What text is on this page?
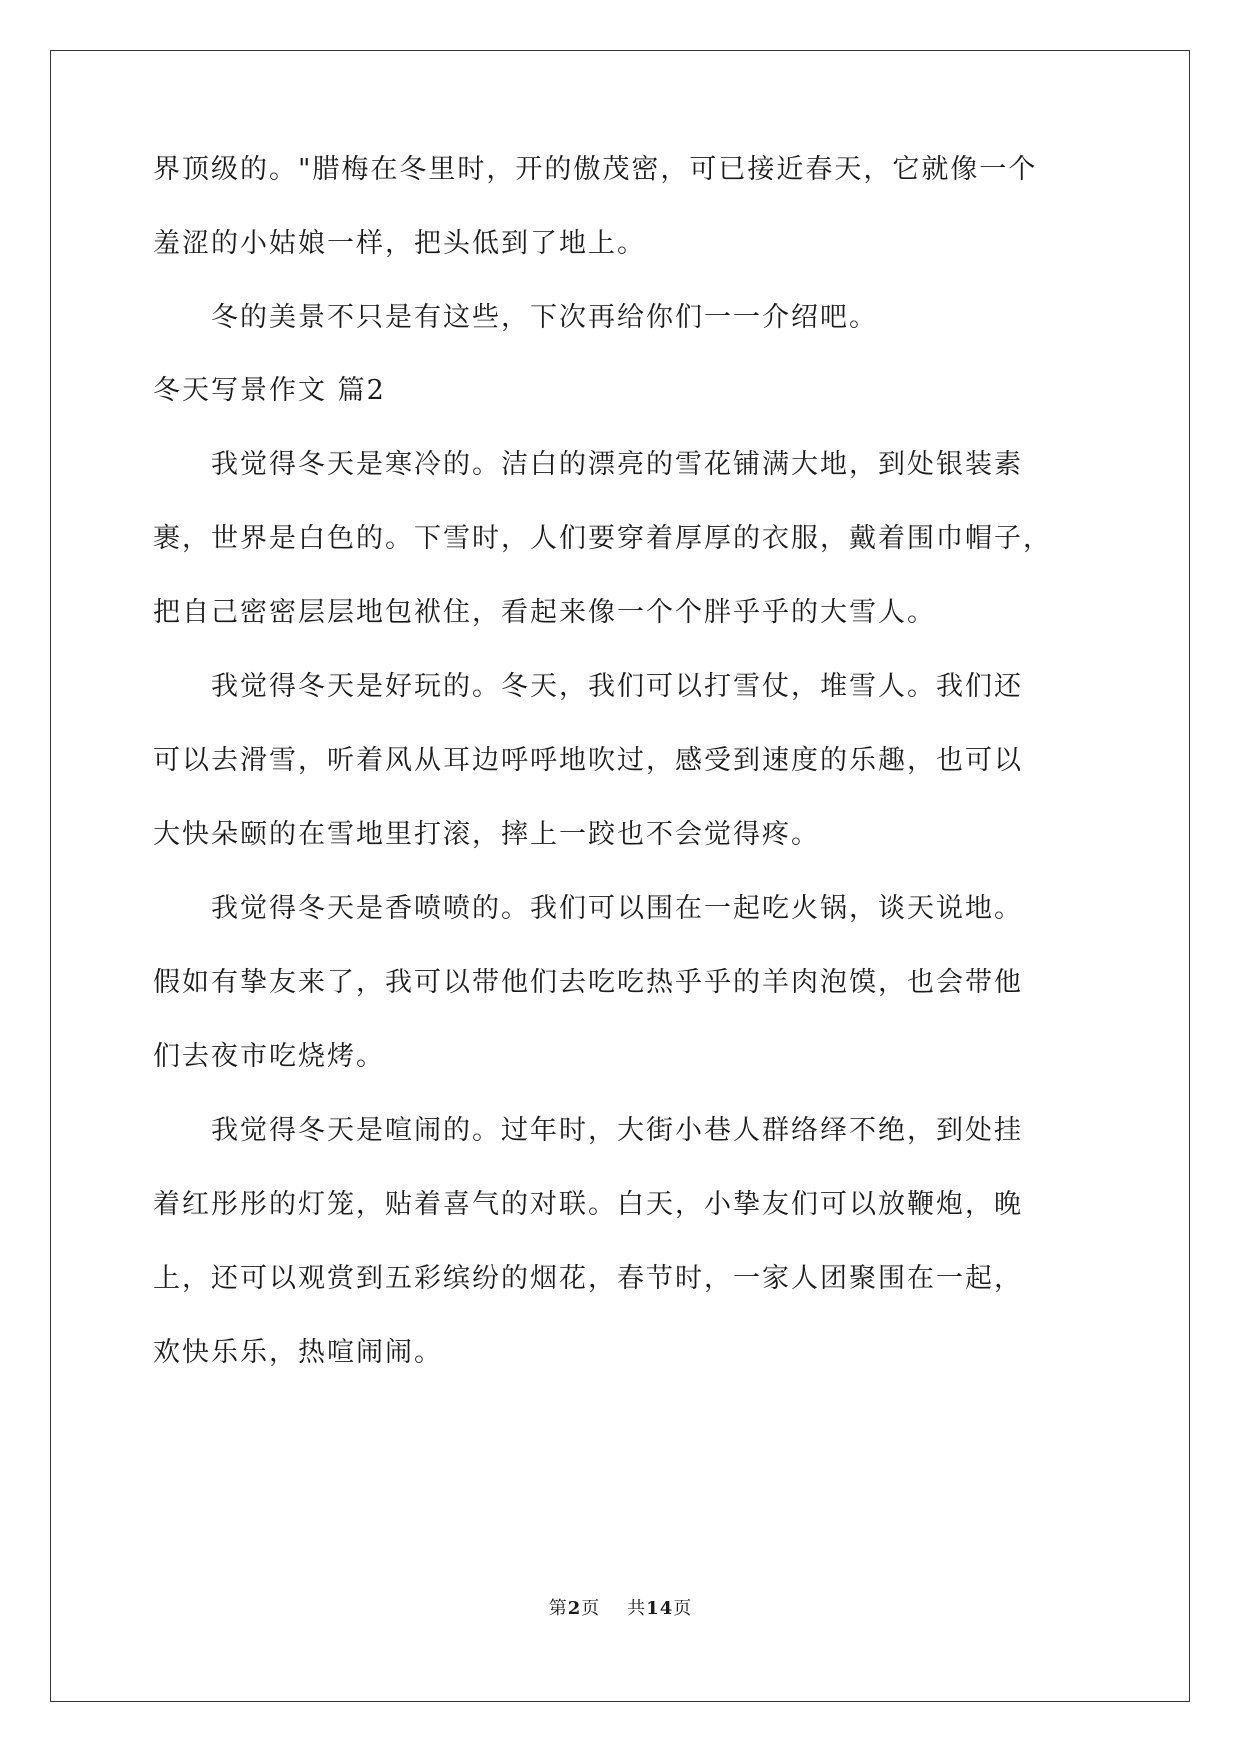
界顶级的。"腊梅在冬里时，开的傲茂密，可已接近春天，它就像一个
羞涩的小姑娘一样，把头低到了地上。
　　冬的美景不只是有这些，下次再给你们一一介绍吧。
冬天写景作文 篇2
　　我觉得冬天是寒冷的。洁白的漂亮的雪花铺满大地，到处银装素
裹，世界是白色的。下雪时，人们要穿着厚厚的衣服，戴着围巾帽子，
把自己密密层层地包袱住，看起来像一个个胖乎乎的大雪人。
　　我觉得冬天是好玩的。冬天，我们可以打雪仗，堆雪人。我们还
可以去滑雪，听着风从耳边呼呼地吹过，感受到速度的乐趣，也可以
大快朵颐的在雪地里打滚，摔上一跤也不会觉得疼。
　　我觉得冬天是香喷喷的。我们可以围在一起吃火锅，谈天说地。
假如有挚友来了，我可以带他们去吃吃热乎乎的羊肉泡馍，也会带他
们去夜市吃烧烤。
　　我觉得冬天是喧闹的。过年时，大街小巷人群络绎不绝，到处挂
着红彤彤的灯笼，贴着喜气的对联。白天，小挚友们可以放鞭炮，晚
上，还可以观赏到五彩缤纷的烟花，春节时，一家人团聚围在一起，
欢快乐乐，热喧闹闹。
第2页 共14页
